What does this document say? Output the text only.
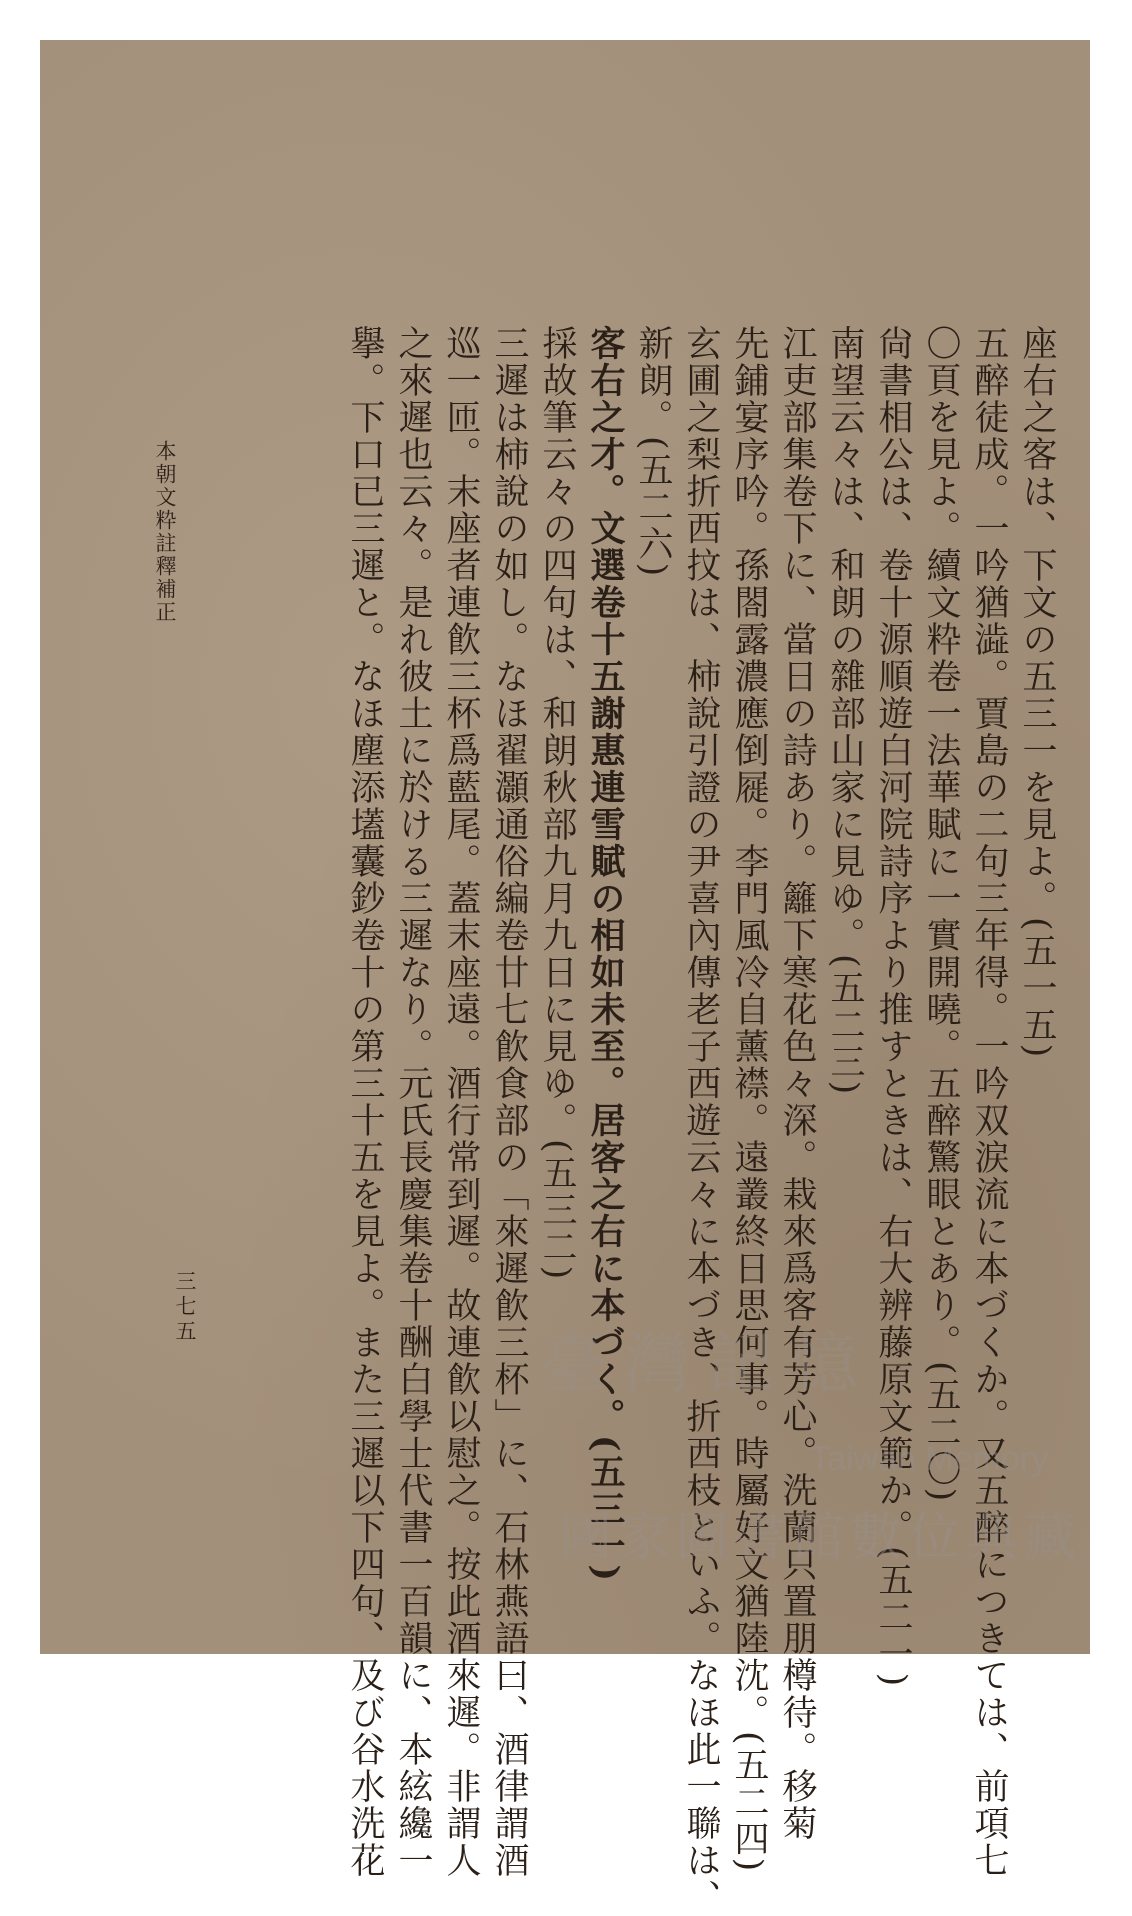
座右之客は、下文の五三一を見よ。(五一五)

五醉徒成。一吟猶澁。賈島の二句三年得。一吟双涙流に本づくか。又五醉につきては、前項七

〇頁を見よ。續文粋卷一法華賦に一實開曉。五醉驚眼とあり。(五二〇)

尙書相公は、卷十源順遊白河院詩序より推すときは、右大辨藤原文範か。(五二一)

南望云々は、和朗の雜部山家に見ゆ。(五二三)

江吏部集卷下に、當日の詩あり。籬下寒花色々深。栽來爲客有芳心。洗蘭只置朋樽待。移菊

先鋪宴序吟。孫閤露濃應倒屣。李門風冷自薰襟。遠叢終日思何事。時屬好文猶陸沈。(五二四)

玄圃之梨折西抆は、柿說引證の尹喜內傳老子西遊云々に本づき、折西枝といふ。なほ此一聯は、

新朗。(五二六)

客右之才。文選卷十五謝惠連雪賦の相如未至。居客之右に本づく。(五三一)

採故筆云々の四句は、和朗秋部九月九日に見ゆ。(五三二)

三遲は柿說の如し。なほ翟灝通俗編卷廿七飮食部の「來遲飮三杯」に、石林燕語曰、酒律謂酒

巡一匝。末座者連飮三杯爲藍尾。蓋末座遠。酒行常到遲。故連飮以慰之。按此酒來遲。非謂人

之來遲也云々。是れ彼土に於ける三遲なり。元氏長慶集卷十酬白學士代書一百韻に、本絃纔一

擧。下口已三遲と。なほ塵添壒囊鈔卷十の第三十五を見よ。また三遲以下四句、及び谷水洗花

本朝文粋註釋補正
三七五
臺灣記憶
Taiwan Memory
國家圖書館數位典藏
